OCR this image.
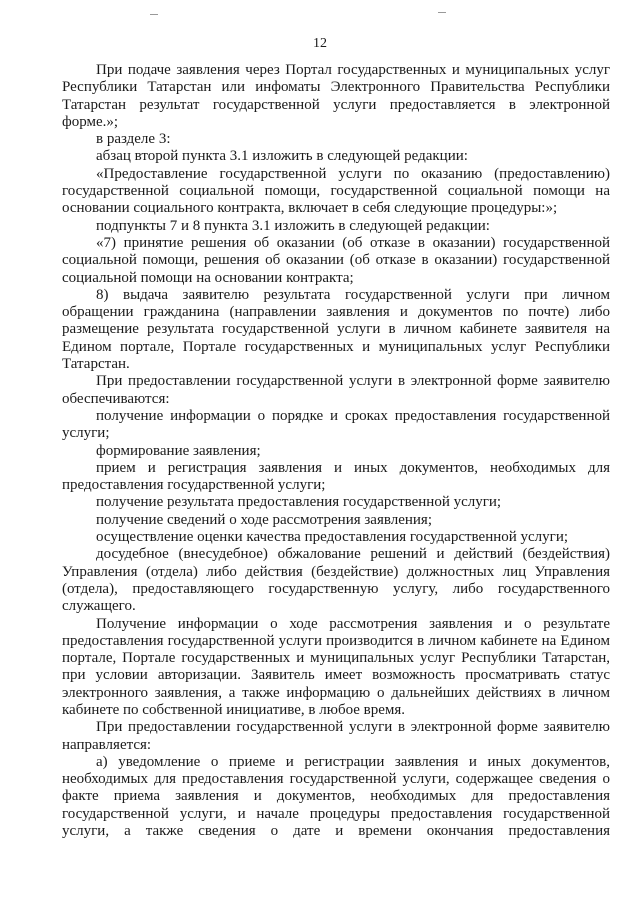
12

При подаче заявления через Портал государственных и муниципальных услуг Республики Татарстан или инфоматы Электронного Правительства Республики Татарстан результат государственной услуги предоставляется в электронной форме.»;

в разделе 3:

абзац второй пункта 3.1 изложить в следующей редакции:

«Предоставление государственной услуги по оказанию (предоставлению) государственной социальной помощи, государственной социальной помощи на основании социального контракта, включает в себя следующие процедуры:»;

подпункты 7 и 8 пункта 3.1 изложить в следующей редакции:

«7) принятие решения об оказании (об отказе в оказании) государственной социальной помощи, решения об оказании (об отказе в оказании) государственной социальной помощи на основании контракта;

8) выдача заявителю результата государственной услуги при личном обращении гражданина (направлении заявления и документов по почте) либо размещение результата государственной услуги в личном кабинете заявителя на Едином портале, Портале государственных и муниципальных услуг Республики Татарстан.

При предоставлении государственной услуги в электронной форме заявителю обеспечиваются:

получение информации о порядке и сроках предоставления государственной услуги;

формирование заявления;

прием и регистрация заявления и иных документов, необходимых для предоставления государственной услуги;

получение результата предоставления государственной услуги;

получение сведений о ходе рассмотрения заявления;

осуществление оценки качества предоставления государственной услуги;

досудебное (внесудебное) обжалование решений и действий (бездействия) Управления (отдела) либо действия (бездействие) должностных лиц Управления (отдела), предоставляющего государственную услугу, либо государственного служащего.

Получение информации о ходе рассмотрения заявления и о результате предоставления государственной услуги производится в личном кабинете на Едином портале, Портале государственных и муниципальных услуг Республики Татарстан, при условии авторизации. Заявитель имеет возможность просматривать статус электронного заявления, а также информацию о дальнейших действиях в личном кабинете по собственной инициативе, в любое время.

При предоставлении государственной услуги в электронной форме заявителю направляется:

а) уведомление о приеме и регистрации заявления и иных документов, необходимых для предоставления государственной услуги, содержащее сведения о факте приема заявления и документов, необходимых для предоставления государственной услуги, и начале процедуры предоставления государственной услуги, а также сведения о дате и времени окончания предоставления
